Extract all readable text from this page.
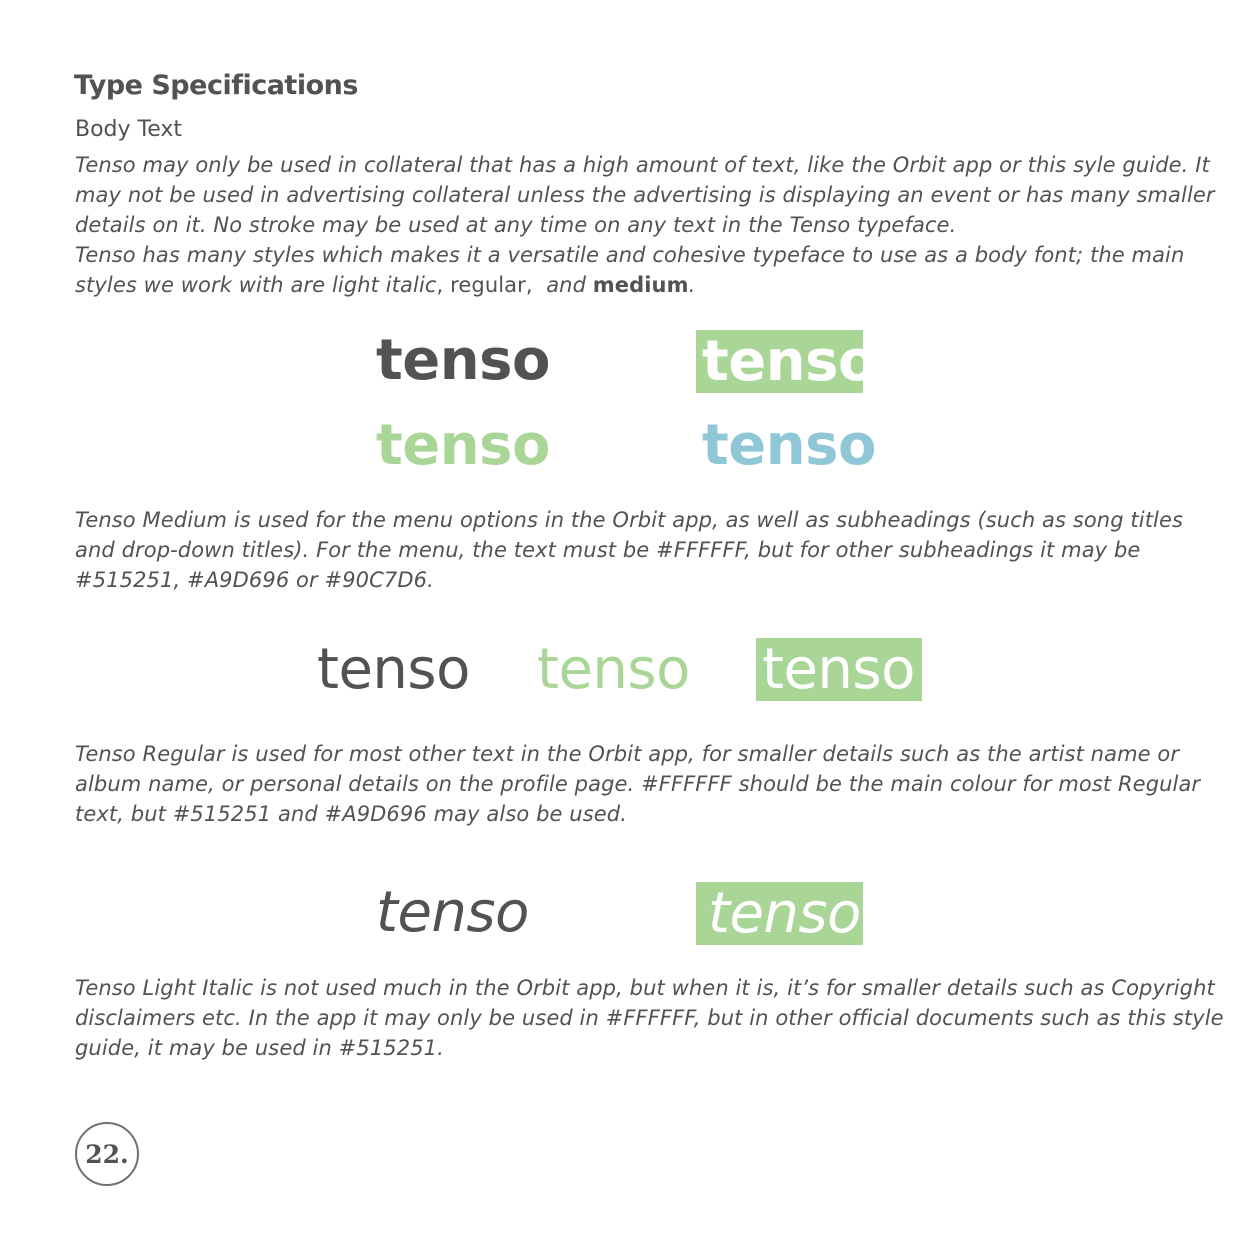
Type Specifications
Body Text
Tenso may only be used in collateral that has a high amount of text, like the Orbit app or this syle guide. It
may not be used in advertising collateral unless the advertising is displaying an event or has many smaller
details on it. No stroke may be used at any time on any text in the Tenso typeface.
Tenso has many styles which makes it a versatile and cohesive typeface to use as a body font; the main
styles we work with are light italic, regular,  and medium.
tenso	tenso
tenso	tenso
Tenso Medium is used for the menu options in the Orbit app, as well as subheadings (such as song titles
and drop-down titles). For the menu, the text must be #FFFFFF, but for other subheadings it may be
#515251, #A9D696 or #90C7D6.
tenso tenso tenso
Tenso Regular is used for most other text in the Orbit app, for smaller details such as the artist name or
album name, or personal details on the profile page. #FFFFFF should be the main colour for most Regular
text, but #515251 and #A9D696 may also be used.
tenso	tenso
Tenso Light Italic is not used much in the Orbit app, but when it is, it’s for smaller details such as Copyright
disclaimers etc. In the app it may only be used in #FFFFFF, but in other official documents such as this style
guide, it may be used in #515251.
22.
